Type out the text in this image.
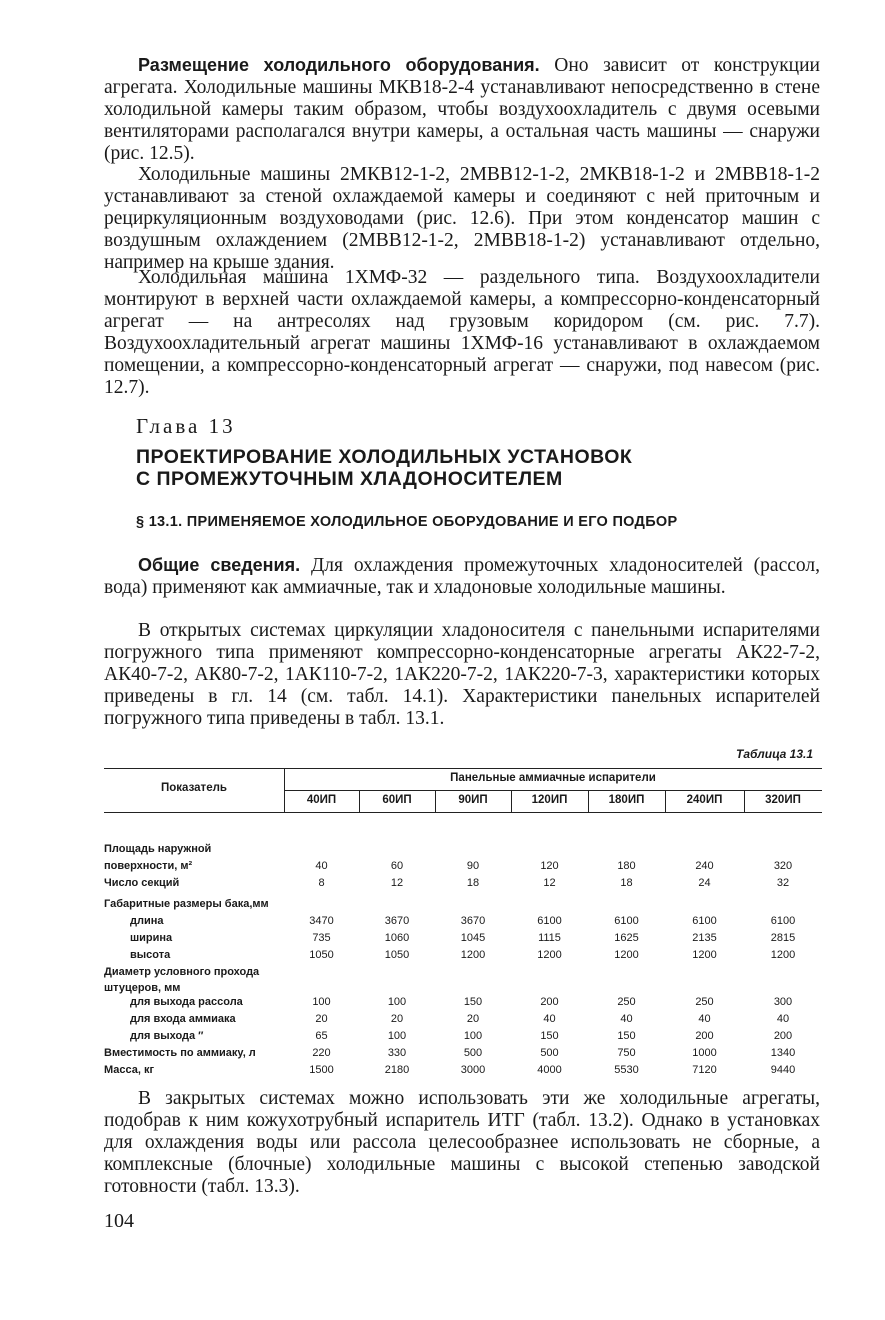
Размещение холодильного оборудования. Оно зависит от конструкции агрегата. Холодильные машины МКВ18-2-4 устанавливают непосредственно в стене холодильной камеры таким образом, чтобы воздухоохладитель с двумя осевыми вентиляторами располагался внутри камеры, а остальная часть машины — снаружи (рис. 12.5).

Холодильные машины 2МКВ12-1-2, 2МВВ12-1-2, 2МКВ18-1-2 и 2МВВ18-1-2 устанавливают за стеной охлаждаемой камеры и соединяют с ней приточным и рециркуляционным воздуховодами (рис. 12.6). При этом конденсатор машин с воздушным охлаждением (2МВВ12-1-2, 2МВВ18-1-2) устанавливают отдельно, например на крыше здания.

Холодильная машина 1ХМФ-32 — раздельного типа. Воздухоохладители монтируют в верхней части охлаждаемой камеры, а компрессорно-конденсаторный агрегат — на антресолях над грузовым коридором (см. рис. 7.7). Воздухоохладительный агрегат машины 1ХМФ-16 устанавливают в охлаждаемом помещении, а компрессорно-конденсаторный агрегат — снаружи, под навесом (рис. 12.7).

Глава 13
ПРОЕКТИРОВАНИЕ ХОЛОДИЛЬНЫХ УСТАНОВОК
С ПРОМЕЖУТОЧНЫМ ХЛАДОНОСИТЕЛЕМ
§ 13.1. ПРИМЕНЯЕМОЕ ХОЛОДИЛЬНОЕ ОБОРУДОВАНИЕ И ЕГО ПОДБОР

Общие сведения. Для охлаждения промежуточных хладоносителей (рассол, вода) применяют как аммиачные, так и хладоновые холодильные машины.

В открытых системах циркуляции хладоносителя с панельными испарителями погружного типа применяют компрессорно-конденсаторные агрегаты АК22-7-2, АК40-7-2, АК80-7-2, 1АК110-7-2, 1АК220-7-2, 1АК220-7-3, характеристики которых приведены в гл. 14 (см. табл. 14.1). Характеристики панельных испарителей погружного типа приведены в табл. 13.1.

Таблица 13.1
Показатель
Панельные аммиачные испарители
40ИП	60ИП	90ИП	120ИП	180ИП	240ИП	320ИП
Площадь наружной
поверхности, м²	40	60	90	120	180	240	320
Число секций	8	12	18	12	18	24	32
Габаритные размеры бака,мм
длина	3470	3670	3670	6100	6100	6100	6100
ширина	735	1060	1045	1115	1625	2135	2815
высота	1050	1050	1200	1200	1200	1200	1200
Диаметр условного прохода
штуцеров, мм
для выхода рассола	100	100	150	200	250	250	300
для входа аммиака	20	20	20	40	40	40	40
для выхода ″	65	100	100	150	150	200	200
Вместимость по аммиаку, л	220	330	500	500	750	1000	1340
Масса, кг	1500	2180	3000	4000	5530	7120	9440

В закрытых системах можно использовать эти же холодильные агрегаты, подобрав к ним кожухотрубный испаритель ИТГ (табл. 13.2). Однако в установках для охлаждения воды или рассола целесообразнее использовать не сборные, а комплексные (блочные) холодильные машины с высокой степенью заводской готовности (табл. 13.3).

104
